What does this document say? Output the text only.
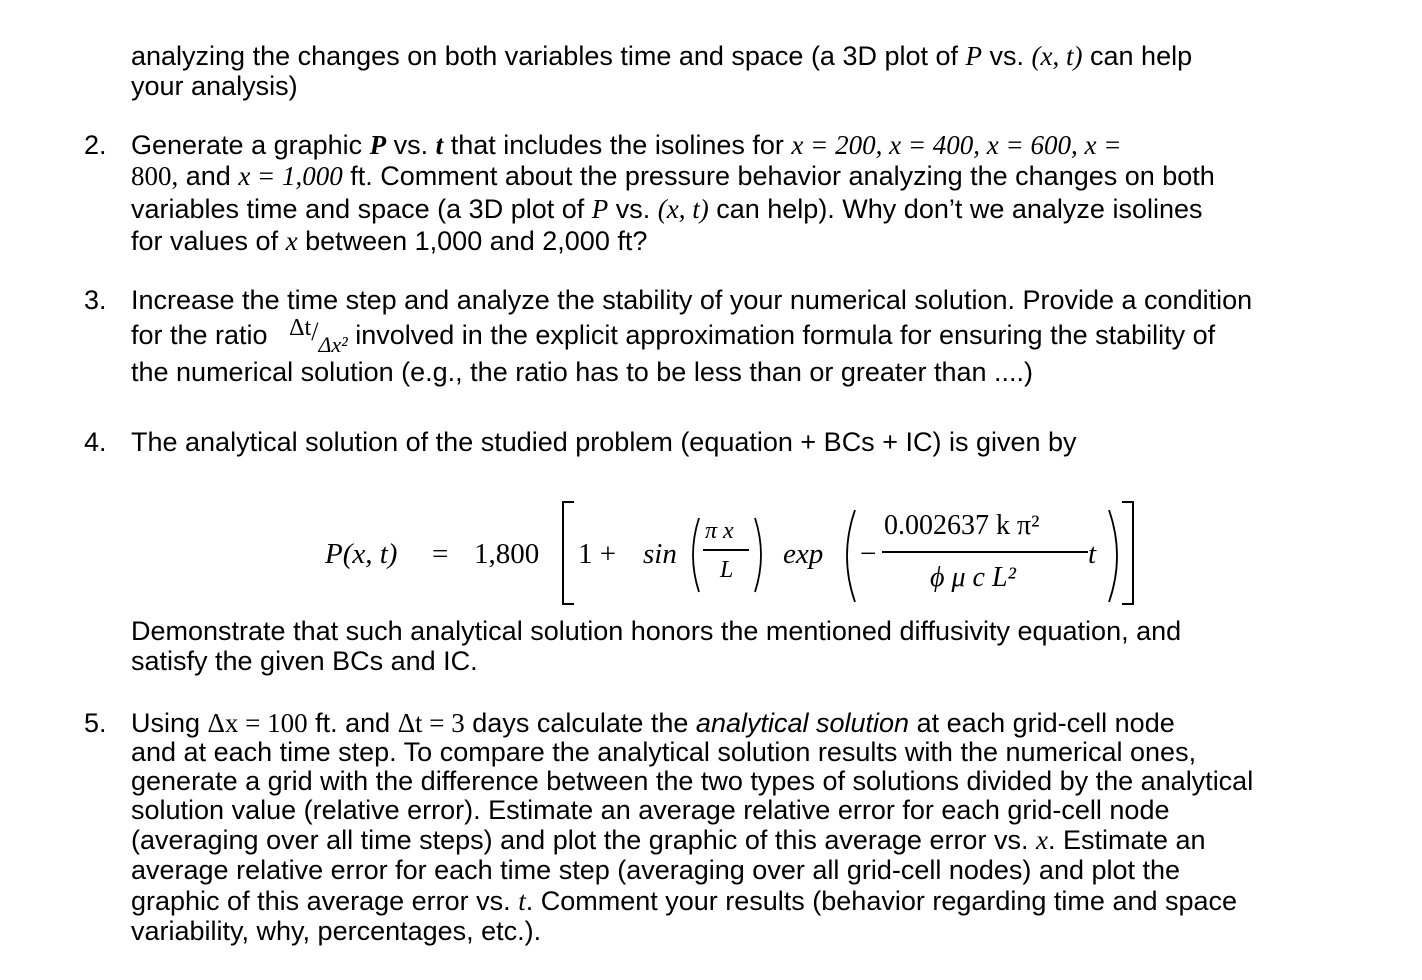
analyzing the changes on both variables time and space (a 3D plot of P vs. (x, t) can help
your analysis)
2. Generate a graphic P vs. t that includes the isolines for x = 200, x = 400, x = 600, x =
800, and x = 1,000 ft. Comment about the pressure behavior analyzing the changes on both
variables time and space (a 3D plot of P vs. (x, t) can help). Why don’t we analyze isolines
for values of x between 1,000 and 2,000 ft?
3. Increase the time step and analyze the stability of your numerical solution. Provide a condition
for the ratio $\Delta t/_{\Delta x^2}$ involved in the explicit approximation formula for ensuring the stability of
the numerical solution (e.g., the ratio has to be less than or greater than ....)
4. The analytical solution of the studied problem (equation + BCs + IC) is given by
P(x, t) = 1,800 1 + sin
π x
L exp −
0.002637 k π²
ϕ μ c L²
t
Demonstrate that such analytical solution honors the mentioned diffusivity equation, and
satisfy the given BCs and IC.
5. Using Δx = 100 ft. and Δt = 3 days calculate the analytical solution at each grid-cell node
and at each time step. To compare the analytical solution results with the numerical ones,
generate a grid with the difference between the two types of solutions divided by the analytical
solution value (relative error). Estimate an average relative error for each grid-cell node
(averaging over all time steps) and plot the graphic of this average error vs. x. Estimate an
average relative error for each time step (averaging over all grid-cell nodes) and plot the
graphic of this average error vs. t. Comment your results (behavior regarding time and space
variability, why, percentages, etc.).
